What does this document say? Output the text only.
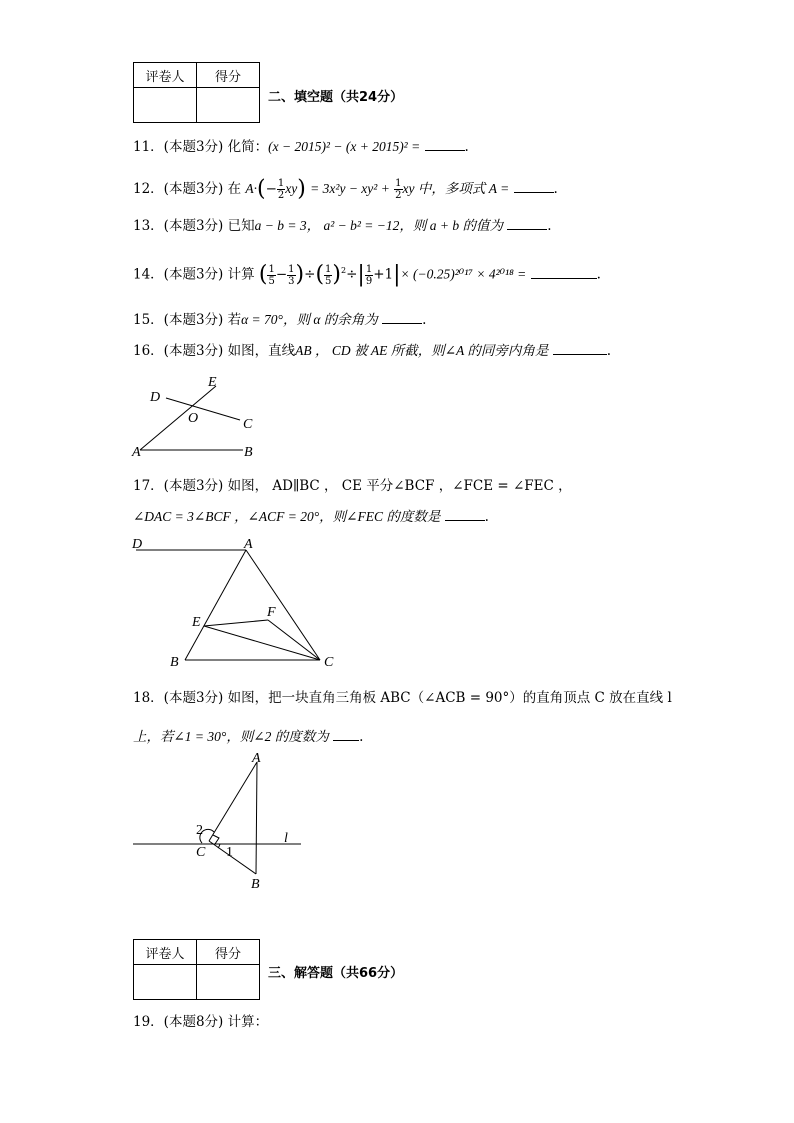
评卷人	得分

二、填空题（共24分）
11．(本题3分) 化简：(x − 2015)² − (x + 2015)² =	.
12．(本题3分) 在 $A\cdot(- \frac{1}{2} xy) = 3x^2y - xy^2 + \frac{1}{2}$ xy 中，多项式 A =	.
13．(本题3分) 已知a − b = 3， a² − b² = −12，则 a + b 的值为	.
14．(本题3分) 计算 ( $\frac{1}{5} - \frac{1}{3}$ )÷( $\frac{1}{5} )^2\div| \frac{1}{9} +1|\times (-0.25)^{2017} \times 4^{2018}$ =	.
15．(本题3分) 若α = 70°，则 α 的余角为	.
16．(本题3分) 如图，直线AB ， CD 被 AE 所截，则∠A 的同旁内角是	.
D
E
O	C
A	B
17．(本题3分) 如图， AD∥BC ， CE 平分∠BCF ，∠FCE = ∠FEC ，
∠DAC = 3∠BCF ，∠ACF = 20°，则∠FEC 的度数是	.
D	A
E
F
B	C
18．(本题3分) 如图，把一块直角三角板 ABC（∠ACB = 90°）的直角顶点 C 放在直线 l
上，若∠1 = 30°，则∠2 的度数为 .
A
2
l
C 1
B
评卷人	得分

三、解答题（共66分）
19．(本题8分) 计算：
